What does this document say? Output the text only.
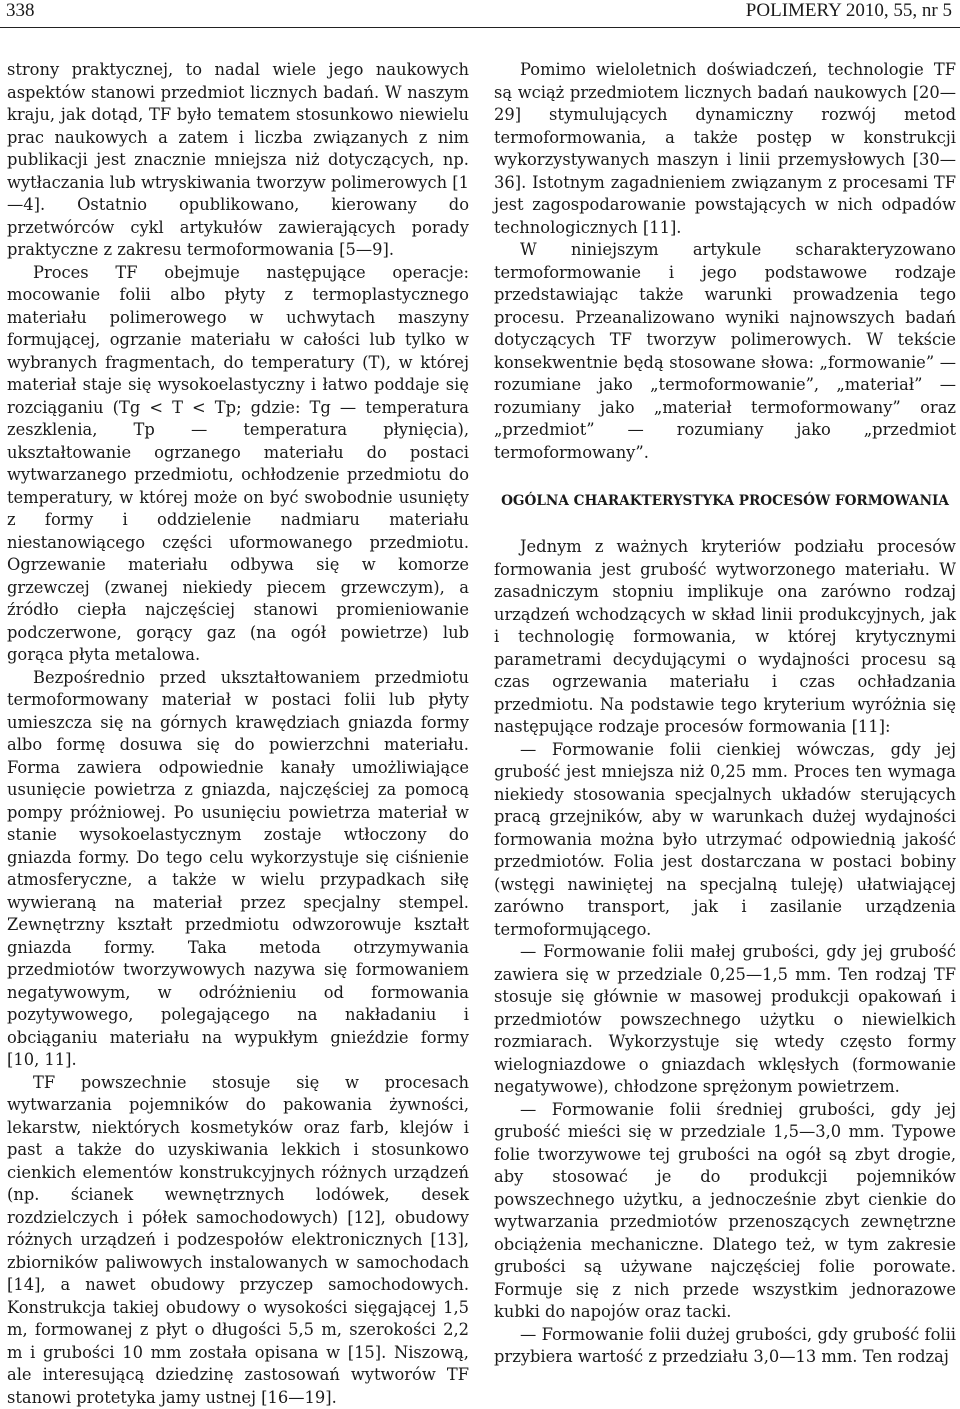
338	POLIMERY 2010, 55, nr 5

strony praktycznej, to nadal wiele jego naukowych aspektów stanowi przedmiot licznych badań. W naszym kraju, jak dotąd, TF było tematem stosunkowo niewielu prac naukowych a zatem i liczba związanych z nim publikacji jest znacznie mniejsza niż dotyczących, np. wytłaczania lub wtryskiwania tworzyw polimerowych [1—4]. Ostatnio opublikowano, kierowany do przetwórców cykl artykułów zawierających porady praktyczne z zakresu termoformowania [5—9].

Proces TF obejmuje następujące operacje: mocowanie folii albo płyty z termoplastycznego materiału polimerowego w uchwytach maszyny formującej, ogrzanie materiału w całości lub tylko w wybranych fragmentach, do temperatury (T), w której materiał staje się wysokoelastyczny i łatwo poddaje się rozciąganiu (Tg < T < Tp; gdzie: Tg — temperatura zeszklenia, Tp — temperatura płynięcia), ukształtowanie ogrzanego materiału do postaci wytwarzanego przedmiotu, ochłodzenie przedmiotu do temperatury, w której może on być swobodnie usunięty z formy i oddzielenie nadmiaru materiału niestanowiącego części uformowanego przedmiotu. Ogrzewanie materiału odbywa się w komorze grzewczej (zwanej niekiedy piecem grzewczym), a źródło ciepła najczęściej stanowi promieniowanie podczerwone, gorący gaz (na ogół powietrze) lub gorąca płyta metalowa.

Bezpośrednio przed ukształtowaniem przedmiotu termoformowany materiał w postaci folii lub płyty umieszcza się na górnych krawędziach gniazda formy albo formę dosuwa się do powierzchni materiału. Forma zawiera odpowiednie kanały umożliwiające usunięcie powietrza z gniazda, najczęściej za pomocą pompy próżniowej. Po usunięciu powietrza materiał w stanie wysokoelastycznym zostaje wtłoczony do gniazda formy. Do tego celu wykorzystuje się ciśnienie atmosferyczne, a także w wielu przypadkach siłę wywieraną na materiał przez specjalny stempel. Zewnętrzny kształt przedmiotu odwzorowuje kształt gniazda formy. Taka metoda otrzymywania przedmiotów tworzywowych nazywa się formowaniem negatywowym, w odróżnieniu od formowania pozytywowego, polegającego na nakładaniu i obciąganiu materiału na wypukłym gnieździe formy [10, 11].

TF powszechnie stosuje się w procesach wytwarzania pojemników do pakowania żywności, lekarstw, niektórych kosmetyków oraz farb, klejów i past a także do uzyskiwania lekkich i stosunkowo cienkich elementów konstrukcyjnych różnych urządzeń (np. ścianek wewnętrznych lodówek, desek rozdzielczych i półek samochodowych) [12], obudowy różnych urządzeń i podzespołów elektronicznych [13], zbiorników paliwowych instalowanych w samochodach [14], a nawet obudowy przyczep samochodowych. Konstrukcja takiej obudowy o wysokości sięgającej 1,5 m, formowanej z płyt o długości 5,5 m, szerokości 2,2 m i grubości 10 mm została opisana w [15]. Niszową, ale interesującą dziedzinę zastosowań wytworów TF stanowi protetyka jamy ustnej [16—19].

Pomimo wieloletnich doświadczeń, technologie TF są wciąż przedmiotem licznych badań naukowych [20—29] stymulujących dynamiczny rozwój metod termoformowania, a także postęp w konstrukcji wykorzystywanych maszyn i linii przemysłowych [30—36]. Istotnym zagadnieniem związanym z procesami TF jest zagospodarowanie powstających w nich odpadów technologicznych [11].

W niniejszym artykule scharakteryzowano termoformowanie i jego podstawowe rodzaje przedstawiając także warunki prowadzenia tego procesu. Przeanalizowano wyniki najnowszych badań dotyczących TF tworzyw polimerowych. W tekście konsekwentnie będą stosowane słowa: „formowanie” — rozumiane jako „termoformowanie”, „materiał” — rozumiany jako „materiał termoformowany” oraz „przedmiot” — rozumiany jako „przedmiot termoformowany”.

OGÓLNA CHARAKTERYSTYKA PROCESÓW FORMOWANIA

Jednym z ważnych kryteriów podziału procesów formowania jest grubość wytworzonego materiału. W zasadniczym stopniu implikuje ona zarówno rodzaj urządzeń wchodzących w skład linii produkcyjnych, jak i technologię formowania, w której krytycznymi parametrami decydującymi o wydajności procesu są czas ogrzewania materiału i czas ochładzania przedmiotu. Na podstawie tego kryterium wyróżnia się następujące rodzaje procesów formowania [11]:

— Formowanie folii cienkiej wówczas, gdy jej grubość jest mniejsza niż 0,25 mm. Proces ten wymaga niekiedy stosowania specjalnych układów sterujących pracą grzejników, aby w warunkach dużej wydajności formowania można było utrzymać odpowiednią jakość przedmiotów. Folia jest dostarczana w postaci bobiny (wstęgi nawiniętej na specjalną tuleję) ułatwiającej zarówno transport, jak i zasilanie urządzenia termoformującego.

— Formowanie folii małej grubości, gdy jej grubość zawiera się w przedziale 0,25—1,5 mm. Ten rodzaj TF stosuje się głównie w masowej produkcji opakowań i przedmiotów powszechnego użytku o niewielkich rozmiarach. Wykorzystuje się wtedy często formy wielogniazdowe o gniazdach wklęsłych (formowanie negatywowe), chłodzone sprężonym powietrzem.

— Formowanie folii średniej grubości, gdy jej grubość mieści się w przedziale 1,5—3,0 mm. Typowe folie tworzywowe tej grubości na ogół są zbyt drogie, aby stosować je do produkcji pojemników powszechnego użytku, a jednocześnie zbyt cienkie do wytwarzania przedmiotów przenoszących zewnętrzne obciążenia mechaniczne. Dlatego też, w tym zakresie grubości są używane najczęściej folie porowate. Formuje się z nich przede wszystkim jednorazowe kubki do napojów oraz tacki.

— Formowanie folii dużej grubości, gdy grubość folii przybiera wartość z przedziału 3,0—13 mm. Ten rodzaj
